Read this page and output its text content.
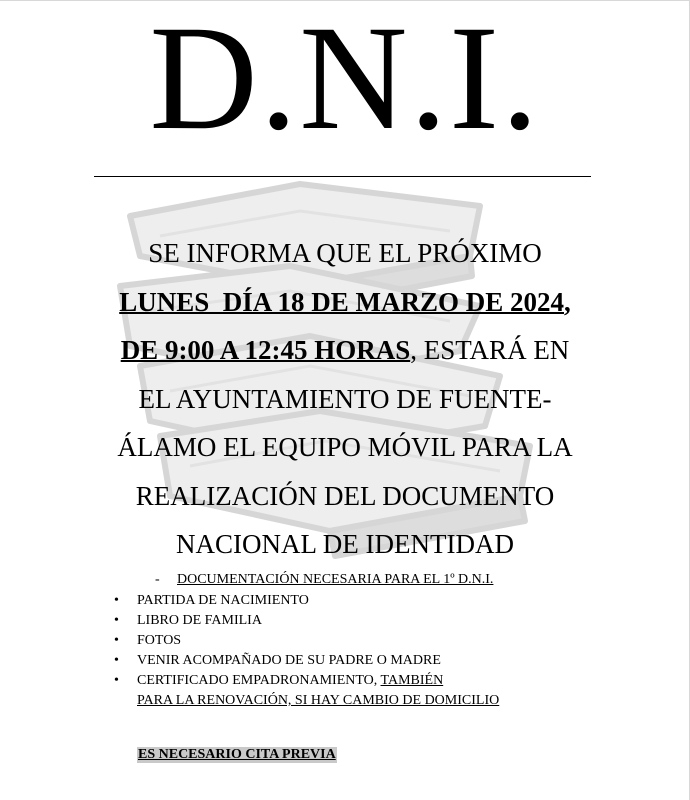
D.N.I.
SE INFORMA QUE EL PRÓXIMO
LUNES  DÍA 18 DE MARZO DE 2024,
DE 9:00 A 12:45 HORAS, ESTARÁ EN
EL AYUNTAMIENTO DE FUENTE-
ÁLAMO EL EQUIPO MÓVIL PARA LA
REALIZACIÓN DEL DOCUMENTO
NACIONAL DE IDENTIDAD
- DOCUMENTACIÓN NECESARIA PARA EL 1º D.N.I.
• PARTIDA DE NACIMIENTO
• LIBRO DE FAMILIA
• FOTOS
• VENIR ACOMPAÑADO DE SU PADRE O MADRE
• CERTIFICADO EMPADRONAMIENTO, TAMBIÉN
PARA LA RENOVACIÓN, SI HAY CAMBIO DE DOMICILIO
ES NECESARIO CITA PREVIA
